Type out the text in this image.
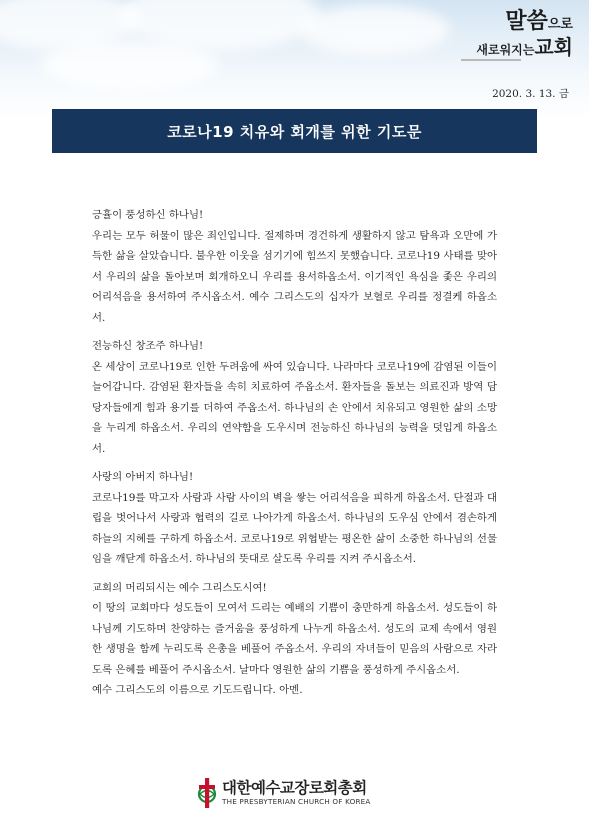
말씀으로
새로워지는교회
2020. 3. 13. 금
코로나19 치유와 회개를 위한 기도문

긍휼이 풍성하신 하나님!

우리는 모두 허물이 많은 죄인입니다. 절제하며 경건하게 생활하지 않고 탐욕과 오만에 가득한 삶을 살았습니다. 불우한 이웃을 섬기기에 힘쓰지 못했습니다. 코로나19 사태를 맞아서 우리의 삶을 돌아보며 회개하오니 우리를 용서하옵소서. 이기적인 욕심을 좇은 우리의 어리석음을 용서하여 주시옵소서. 예수 그리스도의 십자가 보혈로 우리를 정결케 하옵소서.

전능하신 창조주 하나님!

온 세상이 코로나19로 인한 두려움에 싸여 있습니다. 나라마다 코로나19에 감염된 이들이 늘어갑니다. 감염된 환자들을 속히 치료하여 주옵소서. 환자들을 돌보는 의료진과 방역 담당자들에게 힘과 용기를 더하여 주옵소서. 하나님의 손 안에서 치유되고 영원한 삶의 소망을 누리게 하옵소서. 우리의 연약함을 도우시며 전능하신 하나님의 능력을 덧입게 하옵소서.

사랑의 아버지 하나님!

코로나19를 막고자 사람과 사람 사이의 벽을 쌓는 어리석음을 피하게 하옵소서. 단절과 대립을 벗어나서 사랑과 협력의 길로 나아가게 하옵소서. 하나님의 도우심 안에서 겸손하게 하늘의 지혜를 구하게 하옵소서. 코로나19로 위협받는 평온한 삶이 소중한 하나님의 선물임을 깨닫게 하옵소서. 하나님의 뜻대로 살도록 우리를 지켜 주시옵소서.

교회의 머리되시는 예수 그리스도시여!

이 땅의 교회마다 성도들이 모여서 드리는 예배의 기쁨이 충만하게 하옵소서. 성도들이 하나님께 기도하며 찬양하는 즐거움을 풍성하게 나누게 하옵소서. 성도의 교제 속에서 영원한 생명을 함께 누리도록 은총을 베풀어 주옵소서. 우리의 자녀들이 믿음의 사람으로 자라도록 은혜를 베풀어 주시옵소서. 날마다 영원한 삶의 기쁨을 풍성하게 주시옵소서.

예수 그리스도의 이름으로 기도드립니다. 아멘.

대한예수교장로회총회
THE PRESBYTERIAN CHURCH OF KOREA
